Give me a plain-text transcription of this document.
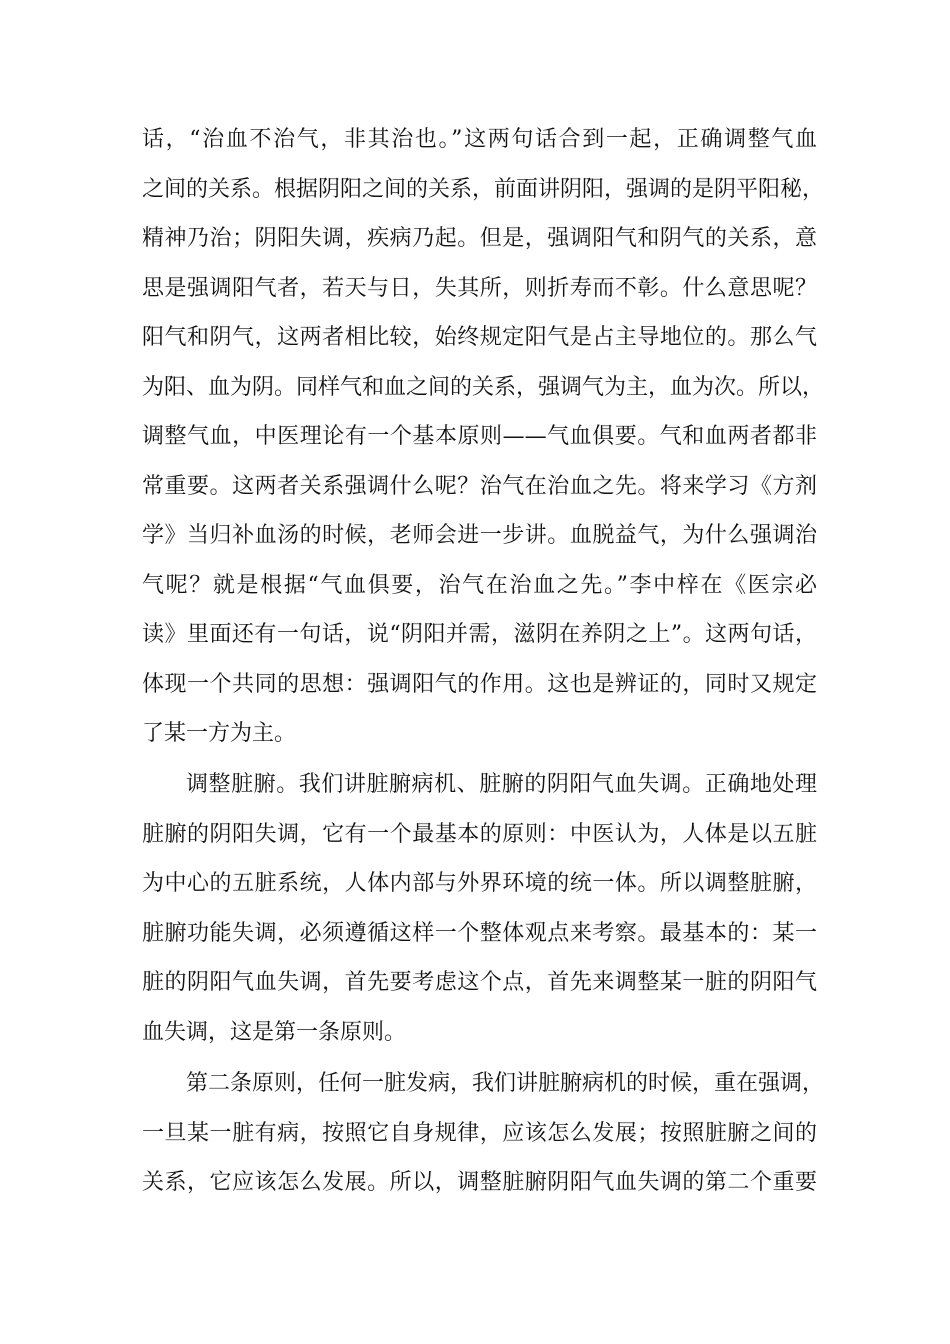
话，“治血不治气，非其治也。”这两句话合到一起，正确调整气血
之间的关系。根据阴阳之间的关系，前面讲阴阳，强调的是阴平阳秘，
精神乃治；阴阳失调，疾病乃起。但是，强调阳气和阴气的关系，意
思是强调阳气者，若天与日，失其所，则折寿而不彰。什么意思呢？
阳气和阴气，这两者相比较，始终规定阳气是占主导地位的。那么气
为阳、血为阴。同样气和血之间的关系，强调气为主，血为次。所以，
调整气血，中医理论有一个基本原则——气血俱要。气和血两者都非
常重要。这两者关系强调什么呢？治气在治血之先。将来学习《方剂
学》当归补血汤的时候，老师会进一步讲。血脱益气，为什么强调治
气呢？就是根据“气血俱要，治气在治血之先。”李中梓在《医宗必
读》里面还有一句话，说“阴阳并需，滋阴在养阴之上”。这两句话，
体现一个共同的思想：强调阳气的作用。这也是辨证的，同时又规定
了某一方为主。
调整脏腑。我们讲脏腑病机、脏腑的阴阳气血失调。正确地处理
脏腑的阴阳失调，它有一个最基本的原则：中医认为，人体是以五脏
为中心的五脏系统，人体内部与外界环境的统一体。所以调整脏腑，
脏腑功能失调，必须遵循这样一个整体观点来考察。最基本的：某一
脏的阴阳气血失调，首先要考虑这个点，首先来调整某一脏的阴阳气
血失调，这是第一条原则。
第二条原则，任何一脏发病，我们讲脏腑病机的时候，重在强调，
一旦某一脏有病，按照它自身规律，应该怎么发展；按照脏腑之间的
关系，它应该怎么发展。所以，调整脏腑阴阳气血失调的第二个重要
